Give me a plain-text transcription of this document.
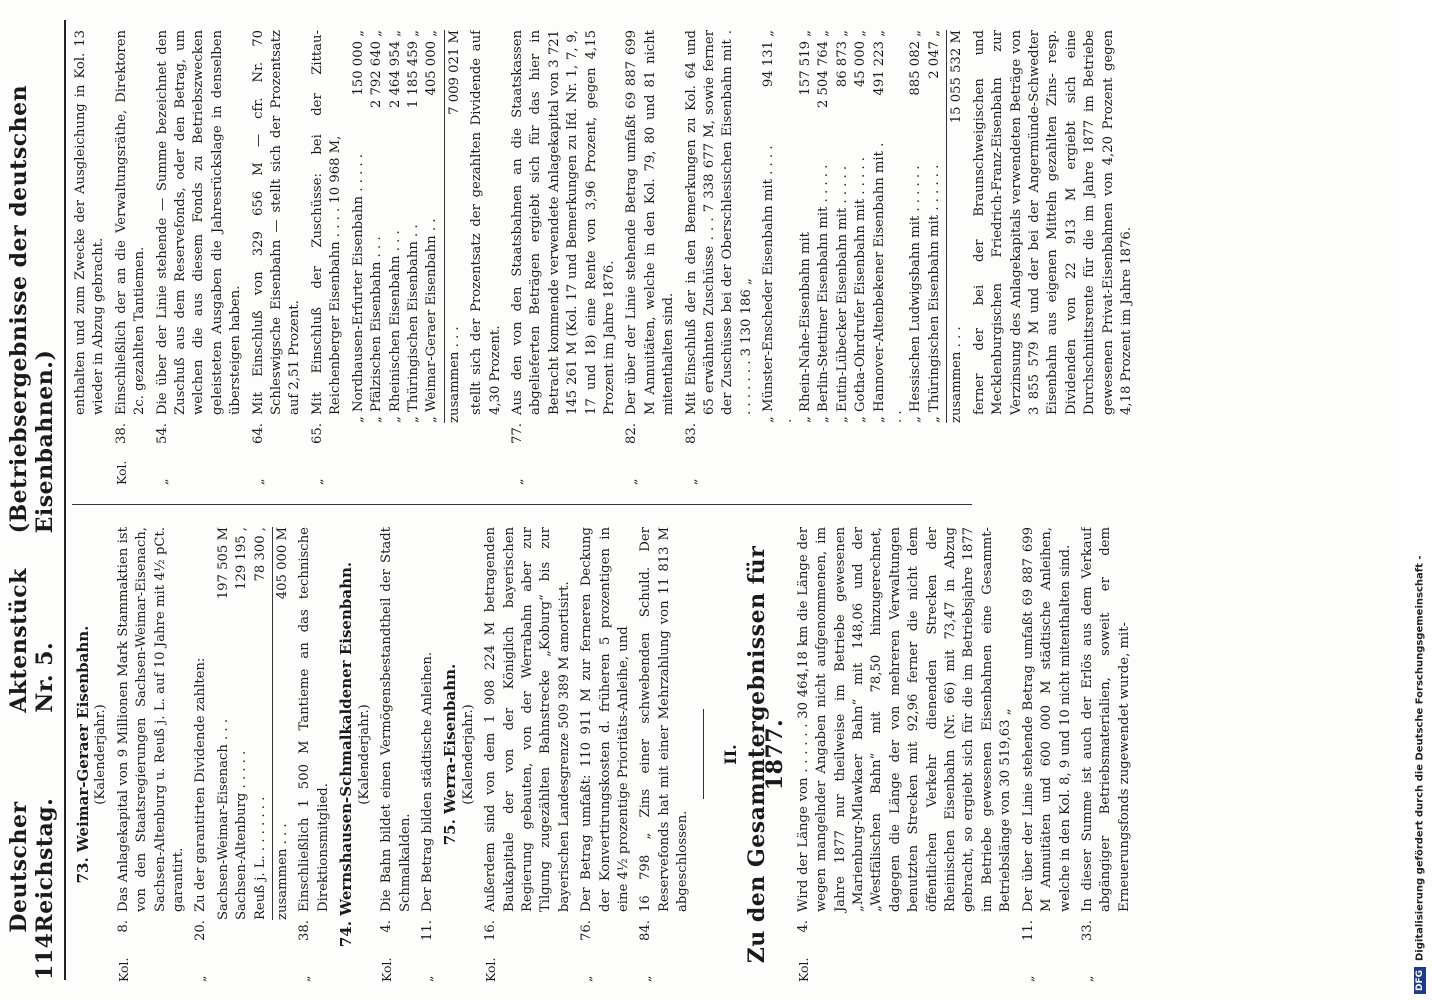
114
Deutscher Reichstag.
Aktenstück Nr. 5.
(Betriebsergebnisse der deutschen Eisenbahnen.)
73. Weimar-Geraer Eisenbahn. (Kalenderjahr.)
Kol.
8.
Das Anlagekapital von 9 Millionen Mark Stammaktien ist von den Staatsregierungen Sachsen-Weimar-Eisenach, Sachsen-Altenburg u. Reuß j. L. auf 10 Jahre mit 4½ pCt. garantirt.
„
20.
Zu der garantirten Dividende zahlten: Sachsen-Weimar-Eisenach . . .
197 505 M
Sachsen-Altenburg . . . . .
129 195 ,
Reuß j. L. . . . . . . .
78 300 ,
zusammen . . .
405 000 M
„
38.
Einschließlich 1 500 M Tantieme an das technische Direktionsmitglied. 74. Wernshausen-Schmalkaldener Eisenbahn. (Kalenderjahr.)
Kol.
4.
Die Bahn bildet einen Vermögensbestandtheil der Stadt Schmalkalden.
„
11.
Der Betrag bilden städtische Anleihen. 75. Werra-Eisenbahn. (Kalenderjahr.)
Kol.
16.
Außerdem sind von dem 1 908 224 M betragenden Baukapitale der von der Königlich bayerischen Regierung gebauten, von der Werrabahn aber zur Tilgung zugezählten Bahnstrecke „Koburg“ bis zur bayerischen Landesgrenze 509 389 M amortisirt.
„
76.
Der Betrag umfaßt: 110 911 M zur ferneren Deckung der Konvertirungskosten d. früheren 5 prozentigen in eine 4½ prozentige Prioritäts-Anleihe, und
„
84.
16 798 „ Zins einer schwebenden Schuld. Der Reservefonds hat mit einer Mehrzahlung von 11 813 M abgeschlossen.
II. Zu den Gesammtergebnissen für 1877.
Kol.
4.
Wird der Länge von . . . . . . 30 464,18 km die Länge der wegen mangelnder Angaben nicht aufgenommenen, im Jahre 1877 nur theilweise im Betriebe gewesenen „Marienburg-Mlawkaer Bahn“ mit 148,06 und der „Westfälischen Bahn“ mit 78,50 hinzugerechnet, dagegen die Länge der von mehreren Verwaltungen benutzten Strecken mit 92,96 ferner die nicht dem öffentlichen Verkehr dienenden Strecken der Rheinischen Eisenbahn (Nr. 66) mit 73,47 in Abzug gebracht, so ergiebt sich für die im Betriebsjahre 1877 im Betriebe gewesenen Eisenbahnen eine Gesammt-Betriebslänge von 30 519,63 „
„
11.
Der über der Linie stehende Betrag umfaßt 69 887 699 M Annuitäten und 600 000 M städtische Anleihen, welche in den Kol. 8, 9 und 10 nicht mitenthalten sind.
„
33.
In dieser Summe ist auch der Erlös aus dem Verkauf abgängiger Betriebsmaterialien, soweit er dem Erneuerungsfonds zugewendet wurde, mit-
enthalten und zum Zwecke der Ausgleichung in Kol. 13 wieder in Abzug gebracht.
Kol.
38.
Einschließlich der an die Verwaltungsräthe, Direktoren 2c. gezahlten Tantiemen.
„
54.
Die über der Linie stehende — Summe bezeichnet den Zuschuß aus dem Reservefonds, oder den Betrag, um welchen die aus diesem Fonds zu Betriebszwecken geleisteten Ausgaben die Jahresrückslage in denselben übersteigen haben.
„
64.
Mit Einschluß von 329 656 M — cfr. Nr. 70 Schleswigsche Eisenbahn — stellt sich der Prozentsatz auf 2,51 Prozent.
„
65.
Mit Einschluß der Zuschüsse: bei der Zittau-Reichenberger Eisenbahn . . . . 10 968 M, „ Nordhausen-Erfurter Eisenbahn . . . . .
150 000 „
„ Pfälzischen Eisenbahn . . .
2 792 640 „
„ Rheinischen Eisenbahn . . .
2 464 954 „
„ Thüringischen Eisenbahn . .
1 185 459 „
„ Weimar-Geraer Eisenbahn . .
405 000 „
zusammen . . .
7 009 021 M stellt sich der Prozentsatz der gezahlten Dividende auf 4,30 Prozent.
„
77.
Aus den von den Staatsbahnen an die Staatskassen abgelieferten Beträgen ergiebt sich für das hier in Betracht kommende verwendete Anlagekapital von 3 721 145 261 M (Kol. 17 und Bemerkungen zu lfd. Nr. 1, 7, 9, 17 und 18) eine Rente von 3,96 Prozent, gegen 4,15 Prozent im Jahre 1876.
„
82.
Der über der Linie stehende Betrag umfaßt 69 887 699 M Annuitäten, welche in den Kol. 79, 80 und 81 nicht mitenthalten sind.
„
83.
Mit Einschluß der in den Bemerkungen zu Kol. 64 und 65 erwähnten Zuschüsse . . . 7 338 677 M, sowie ferner der Zuschüsse bei der Oberschlesischen Eisenbahn mit . . . . . . . . 3 130 186 „ „ Münster-Enscheder Eisenbahn mit . . . . .
94 131 „
„ Rhein-Nahe-Eisenbahn mit
157 519 „
„ Berlin-Stettiner Eisenbahn mit . . . . .
2 504 764 „
„ Eutin-Lübecker Eisenbahn mit . . . . .
86 873 „
„ Gotha-Ohrdrufer Eisenbahn mit . . . . .
45 000 „
„ Hannover-Altenbekener Eisenbahn mit . . .
491 223 „
„ Hessischen Ludwigsbahn mit . . . . . .
885 082 „
„ Thüringischen Eisenbahn mit . . . . . .
2 047 „
zusammen . . .
15 055 532 M ferner der bei der Braunschweigischen und Mecklenburgischen Friedrich-Franz-Eisenbahn zur Verzinsung des Anlagekapitals verwendeten Beträge von 3 855 579 M und der bei der Angermünde-Schwedter Eisenbahn aus eigenen Mitteln gezahlten Zins- resp. Dividenden von 22 913 M ergiebt sich eine Durchschnittsrente für die im Jahre 1877 im Betriebe gewesenen Privat-Eisenbahnen von 4,20 Prozent gegen 4,18 Prozent im Jahre 1876.
DFG
Digitalisierung gefördert durch die Deutsche Forschungsgemeinschaft -
